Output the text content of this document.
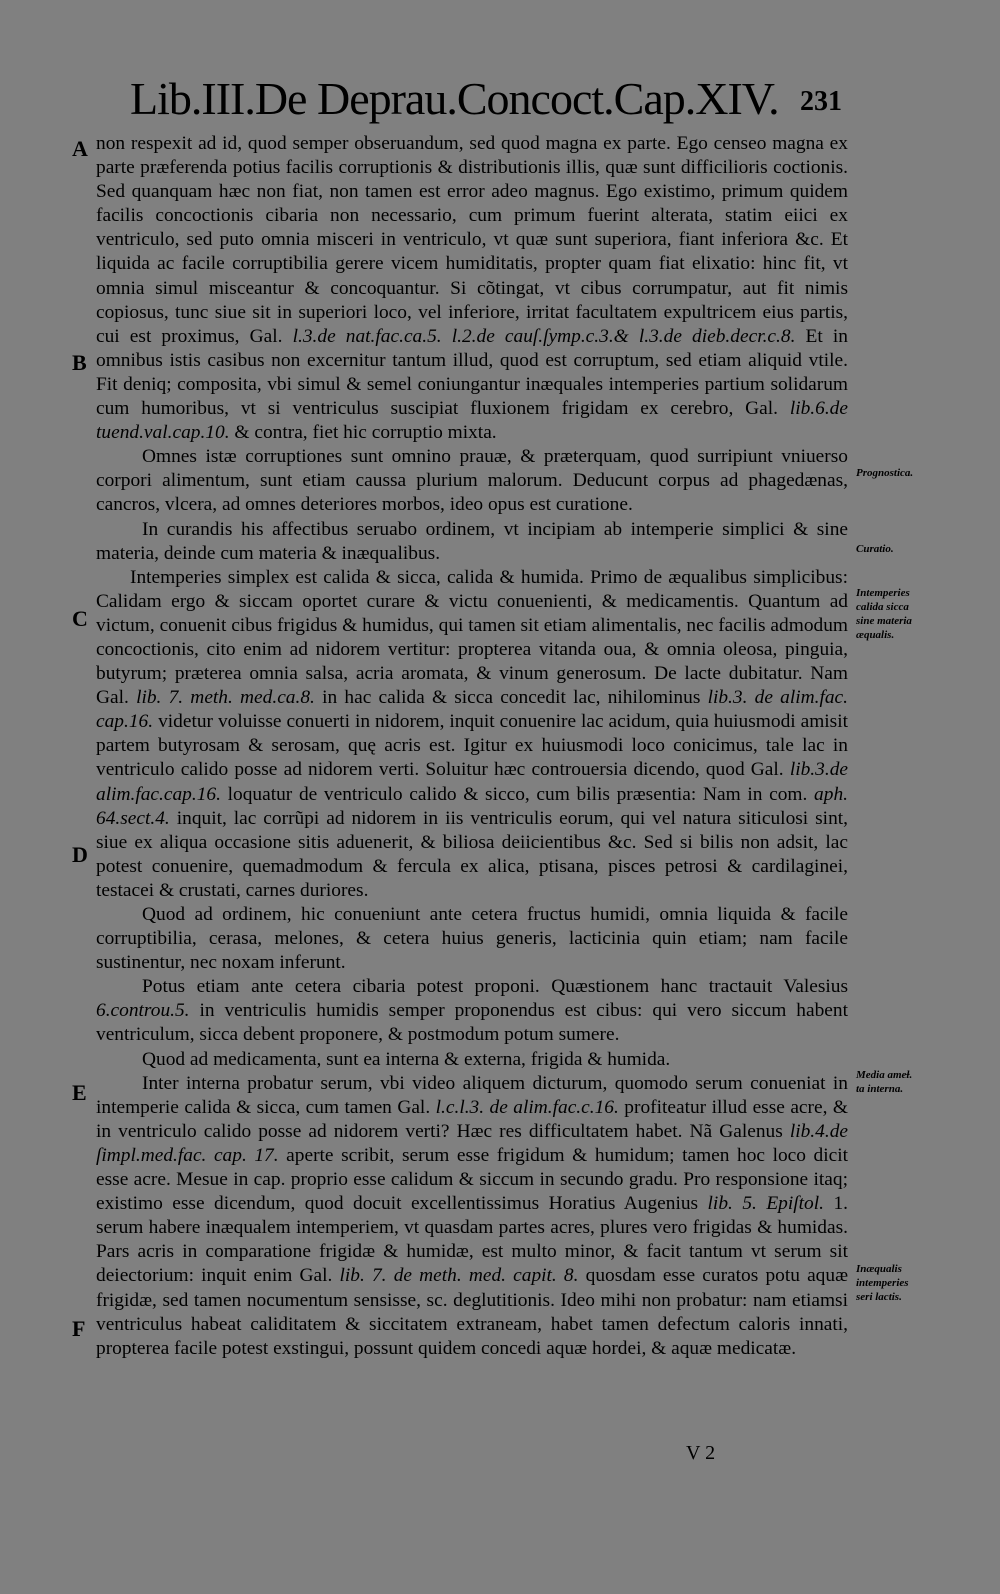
Lib.III.De Deprau.Concoct.Cap.XIV. 231
A
B
C
D
E
F
Prognostica.
Curatio.
Intemperies
calida sicca
sine materia
æqualis.
Media ameɫ.
ta interna.
Inæqualis
intemperies
seri lactis.

non respexit ad id, quod semper obseruandum, sed quod magna ex parte. Ego censeo magna ex parte præferenda potius facilis corruptionis & distributionis illis, quæ sunt difficilioris coctionis. Sed quanquam hæc non fiat, non tamen est error adeo magnus. Ego existimo, primum quidem facilis concoctionis cibaria non necessario, cum primum fuerint alterata, statim eiici ex ventriculo, sed puto omnia misceri in ventriculo, vt quæ sunt superiora, fiant inferiora &c. Et liquida ac facile corruptibilia gerere vicem humiditatis, propter quam fiat elixatio: hinc fit, vt omnia simul misceantur & concoquantur. Si cõtingat, vt cibus corrumpatur, aut fit nimis copiosus, tunc siue sit in superiori loco, vel inferiore, irritat facultatem expultricem eius partis, cui est proximus, Gal. l.3.de nat.fac.ca.5. l.2.de cauſ.ſymp.c.3.& l.3.de dieb.decr.c.8. Et in omnibus istis casibus non excernitur tantum illud, quod est corruptum, sed etiam aliquid vtile. Fit deniq; composita, vbi simul & semel coniungantur inæquales intemperies partium solidarum cum humoribus, vt si ventriculus suscipiat fluxionem frigidam ex cerebro, Gal. lib.6.de tuend.val.cap.10. & contra, fiet hic corruptio mixta.

Omnes istæ corruptiones sunt omnino prauæ, & præterquam, quod surripiunt vniuerso corpori alimentum, sunt etiam caussa plurium malorum. Deducunt corpus ad phagedænas, cancros, vlcera, ad omnes deteriores morbos, ideo opus est curatione.

In curandis his affectibus seruabo ordinem, vt incipiam ab intemperie simplici & sine materia, deinde cum materia & inæqualibus.

Intemperies simplex est calida & sicca, calida & humida. Primo de æqualibus simplicibus: Calidam ergo & siccam oportet curare & victu conuenienti, & medicamentis. Quantum ad victum, conuenit cibus frigidus & humidus, qui tamen sit etiam alimentalis, nec facilis admodum concoctionis, cito enim ad nidorem vertitur: propterea vitanda oua, & omnia oleosa, pinguia, butyrum; præterea omnia salsa, acria aromata, & vinum generosum. De lacte dubitatur. Nam Gal. lib. 7. meth. med.ca.8. in hac calida & sicca concedit lac, nihilominus lib.3. de alim.fac. cap.16. videtur voluisse conuerti in nidorem, inquit conuenire lac acidum, quia huiusmodi amisit partem butyrosam & serosam, quę acris est. Igitur ex huiusmodi loco conicimus, tale lac in ventriculo calido posse ad nidorem verti. Soluitur hæc controuersia dicendo, quod Gal. lib.3.de alim.fac.cap.16. loquatur de ventriculo calido & sicco, cum bilis præsentia: Nam in com. aph. 64.sect.4. inquit, lac corrũpi ad nidorem in iis ventriculis eorum, qui vel natura siticulosi sint, siue ex aliqua occasione sitis aduenerit, & biliosa deiicientibus &c. Sed si bilis non adsit, lac potest conuenire, quemadmodum & fercula ex alica, ptisana, pisces petrosi & cardilaginei, testacei & crustati, carnes duriores.

Quod ad ordinem, hic conueniunt ante cetera fructus humidi, omnia liquida & facile corruptibilia, cerasa, melones, & cetera huius generis, lacticinia quin etiam; nam facile sustinentur, nec noxam inferunt.

Potus etiam ante cetera cibaria potest proponi. Quæstionem hanc tractauit Valesius 6.controu.5. in ventriculis humidis semper proponendus est cibus: qui vero siccum habent ventriculum, sicca debent proponere, & postmodum potum sumere.

Quod ad medicamenta, sunt ea interna & externa, frigida & humida.

Inter interna probatur serum, vbi video aliquem dicturum, quomodo serum conueniat in intemperie calida & sicca, cum tamen Gal. l.c.l.3. de alim.fac.c.16. profiteatur illud esse acre, & in ventriculo calido posse ad nidorem verti? Hæc res difficultatem habet. Nã Galenus lib.4.de ſimpl.med.fac. cap. 17. aperte scribit, serum esse frigidum & humidum; tamen hoc loco dicit esse acre. Mesue in cap. proprio esse calidum & siccum in secundo gradu. Pro responsione itaq; existimo esse dicendum, quod docuit excellentissimus Horatius Augenius lib. 5. Epiſtol. 1. serum habere inæqualem intemperiem, vt quasdam partes acres, plures vero frigidas & humidas. Pars acris in comparatione frigidæ & humidæ, est multo minor, & facit tantum vt serum sit deiectorium: inquit enim Gal. lib. 7. de meth. med. capit. 8. quosdam esse curatos potu aquæ frigidæ, sed tamen nocumentum sensisse, sc. deglutitionis. Ideo mihi non probatur: nam etiamsi ventriculus habeat caliditatem & siccitatem extraneam, habet tamen defectum caloris innati, propterea facile potest exstingui, possunt quidem concedi aquæ hordei, & aquæ medicatæ.

V 2
